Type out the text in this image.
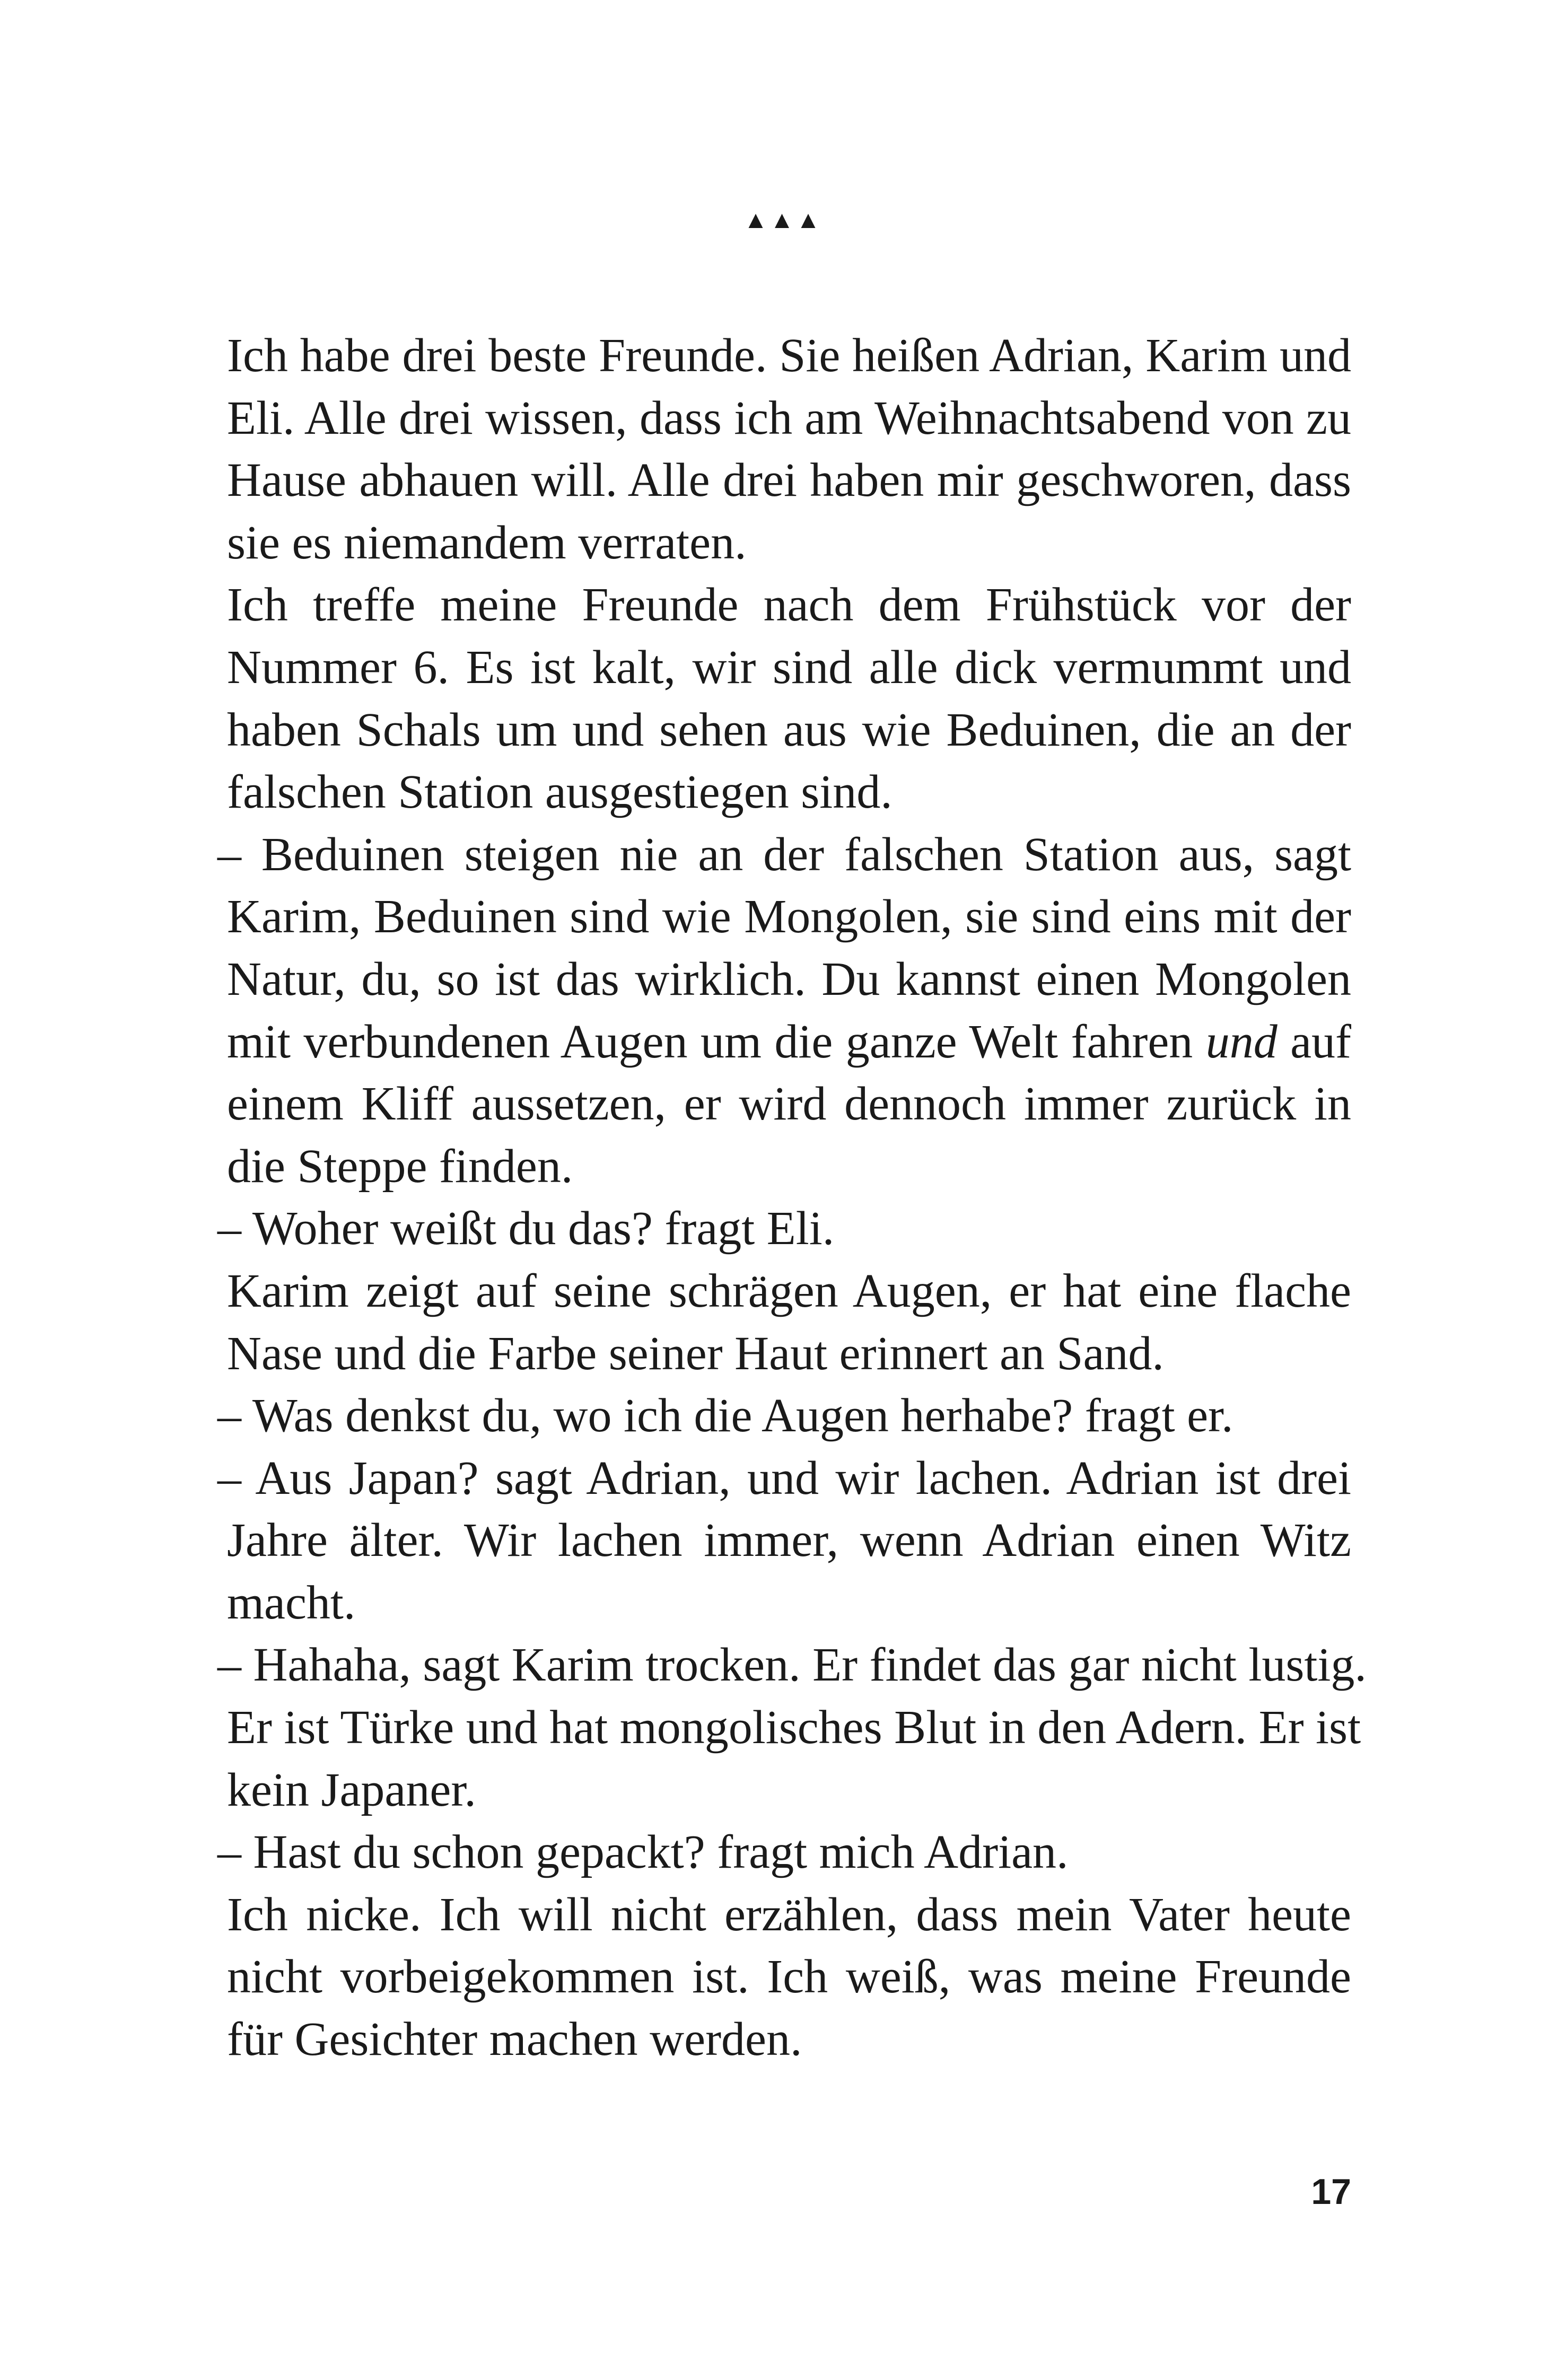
▲▲▲
Ich habe drei beste Freunde. Sie heißen Adrian, Karim und
Eli. Alle drei wissen, dass ich am Weihnachtsabend von zu
Hause abhauen will. Alle drei haben mir geschworen, dass
sie es niemandem verraten.
Ich treffe meine Freunde nach dem Frühstück vor der
Nummer 6. Es ist kalt, wir sind alle dick vermummt und
haben Schals um und sehen aus wie Beduinen, die an der
falschen Station ausgestiegen sind.
– Beduinen steigen nie an der falschen Station aus, sagt
Karim, Beduinen sind wie Mongolen, sie sind eins mit der
Natur, du, so ist das wirklich. Du kannst einen Mongolen
mit verbundenen Augen um die ganze Welt fahren und auf
einem Kliff aussetzen, er wird dennoch immer zurück in
die Steppe finden.
– Woher weißt du das? fragt Eli.
Karim zeigt auf seine schrägen Augen, er hat eine flache
Nase und die Farbe seiner Haut erinnert an Sand.
– Was denkst du, wo ich die Augen herhabe? fragt er.
– Aus Japan? sagt Adrian, und wir lachen. Adrian ist drei
Jahre älter. Wir lachen immer, wenn Adrian einen Witz
macht.
– Hahaha, sagt Karim trocken. Er findet das gar nicht lustig.
Er ist Türke und hat mongolisches Blut in den Adern. Er ist
kein Japaner.
– Hast du schon gepackt? fragt mich Adrian.
Ich nicke. Ich will nicht erzählen, dass mein Vater heute
nicht vorbeigekommen ist. Ich weiß, was meine Freunde
für Gesichter machen werden.
17
